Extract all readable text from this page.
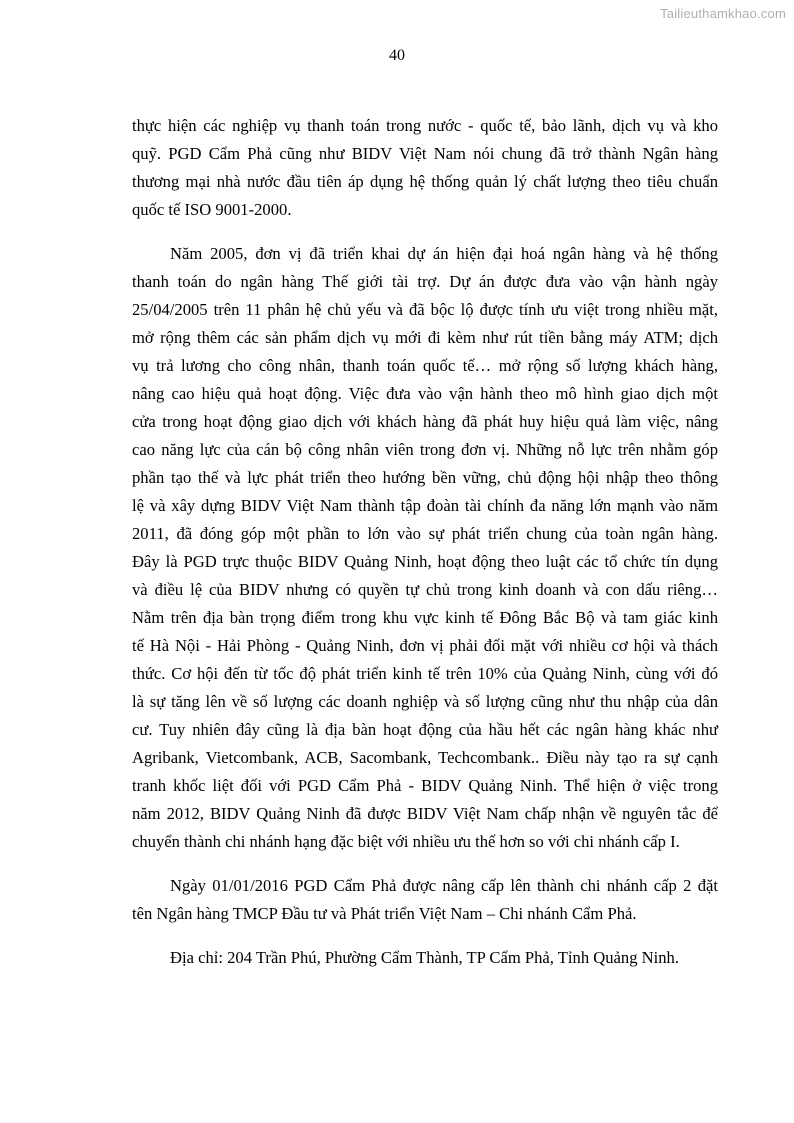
Tailieuthamkhao.com
40

thực hiện các nghiệp vụ thanh toán trong nước - quốc tế, bảo lãnh, dịch vụ và kho
quỹ. PGD Cẩm Phả cũng như BIDV Việt Nam nói chung đã trở thành Ngân hàng
thương mại nhà nước đầu tiên áp dụng hệ thống quản lý chất lượng theo tiêu chuẩn
quốc tế ISO 9001-2000.

Năm 2005, đơn vị đã triển khai dự án hiện đại hoá ngân hàng và hệ thống
thanh toán do ngân hàng Thế giới tài trợ. Dự án được đưa vào vận hành ngày
25/04/2005 trên 11 phân hệ chủ yếu và đã bộc lộ được tính ưu việt trong nhiều mặt,
mở rộng thêm các sản phẩm dịch vụ mới đi kèm như rút tiền bằng máy ATM; dịch
vụ trả lương cho công nhân, thanh toán quốc tế… mở rộng số lượng khách hàng,
nâng cao hiệu quả hoạt động. Việc đưa vào vận hành theo mô hình giao dịch một
cửa trong hoạt động giao dịch với khách hàng đã phát huy hiệu quả làm việc, nâng
cao năng lực của cán bộ công nhân viên trong đơn vị. Những nỗ lực trên nhằm góp
phần tạo thế và lực phát triển theo hướng bền vững, chủ động hội nhập theo thông
lệ và xây dựng BIDV Việt Nam thành tập đoàn tài chính đa năng lớn mạnh vào năm
2011, đã đóng góp một phần to lớn vào sự phát triển chung của toàn ngân hàng.
Đây là PGD trực thuộc BIDV Quảng Ninh, hoạt động theo luật các tổ chức tín dụng
và điều lệ của BIDV nhưng có quyền tự chủ trong kinh doanh và con dấu riêng…
Nằm trên địa bàn trọng điểm trong khu vực kinh tế Đông Bắc Bộ và tam giác kinh
tế Hà Nội - Hải Phòng - Quảng Ninh, đơn vị phải đối mặt với nhiều cơ hội và thách
thức. Cơ hội đến từ tốc độ phát triển kinh tế trên 10% của Quảng Ninh, cùng với đó
là sự tăng lên về số lượng các doanh nghiệp và số lượng cũng như thu nhập của dân
cư. Tuy nhiên đây cũng là địa bàn hoạt động của hầu hết các ngân hàng khác như
Agribank, Vietcombank, ACB, Sacombank, Techcombank.. Điều này tạo ra sự cạnh
tranh khốc liệt đối với PGD Cẩm Phả - BIDV Quảng Ninh. Thể hiện ở việc trong
năm 2012, BIDV Quảng Ninh đã được BIDV Việt Nam chấp nhận về nguyên tắc để
chuyển thành chi nhánh hạng đặc biệt với nhiều ưu thế hơn so với chi nhánh cấp I.

Ngày 01/01/2016 PGD Cẩm Phả được nâng cấp lên thành chi nhánh cấp 2 đặt
tên Ngân hàng TMCP Đầu tư và Phát triển Việt Nam – Chi nhánh Cẩm Phả.

Địa chỉ: 204 Trần Phú, Phường Cẩm Thành, TP Cẩm Phả, Tỉnh Quảng Ninh.
